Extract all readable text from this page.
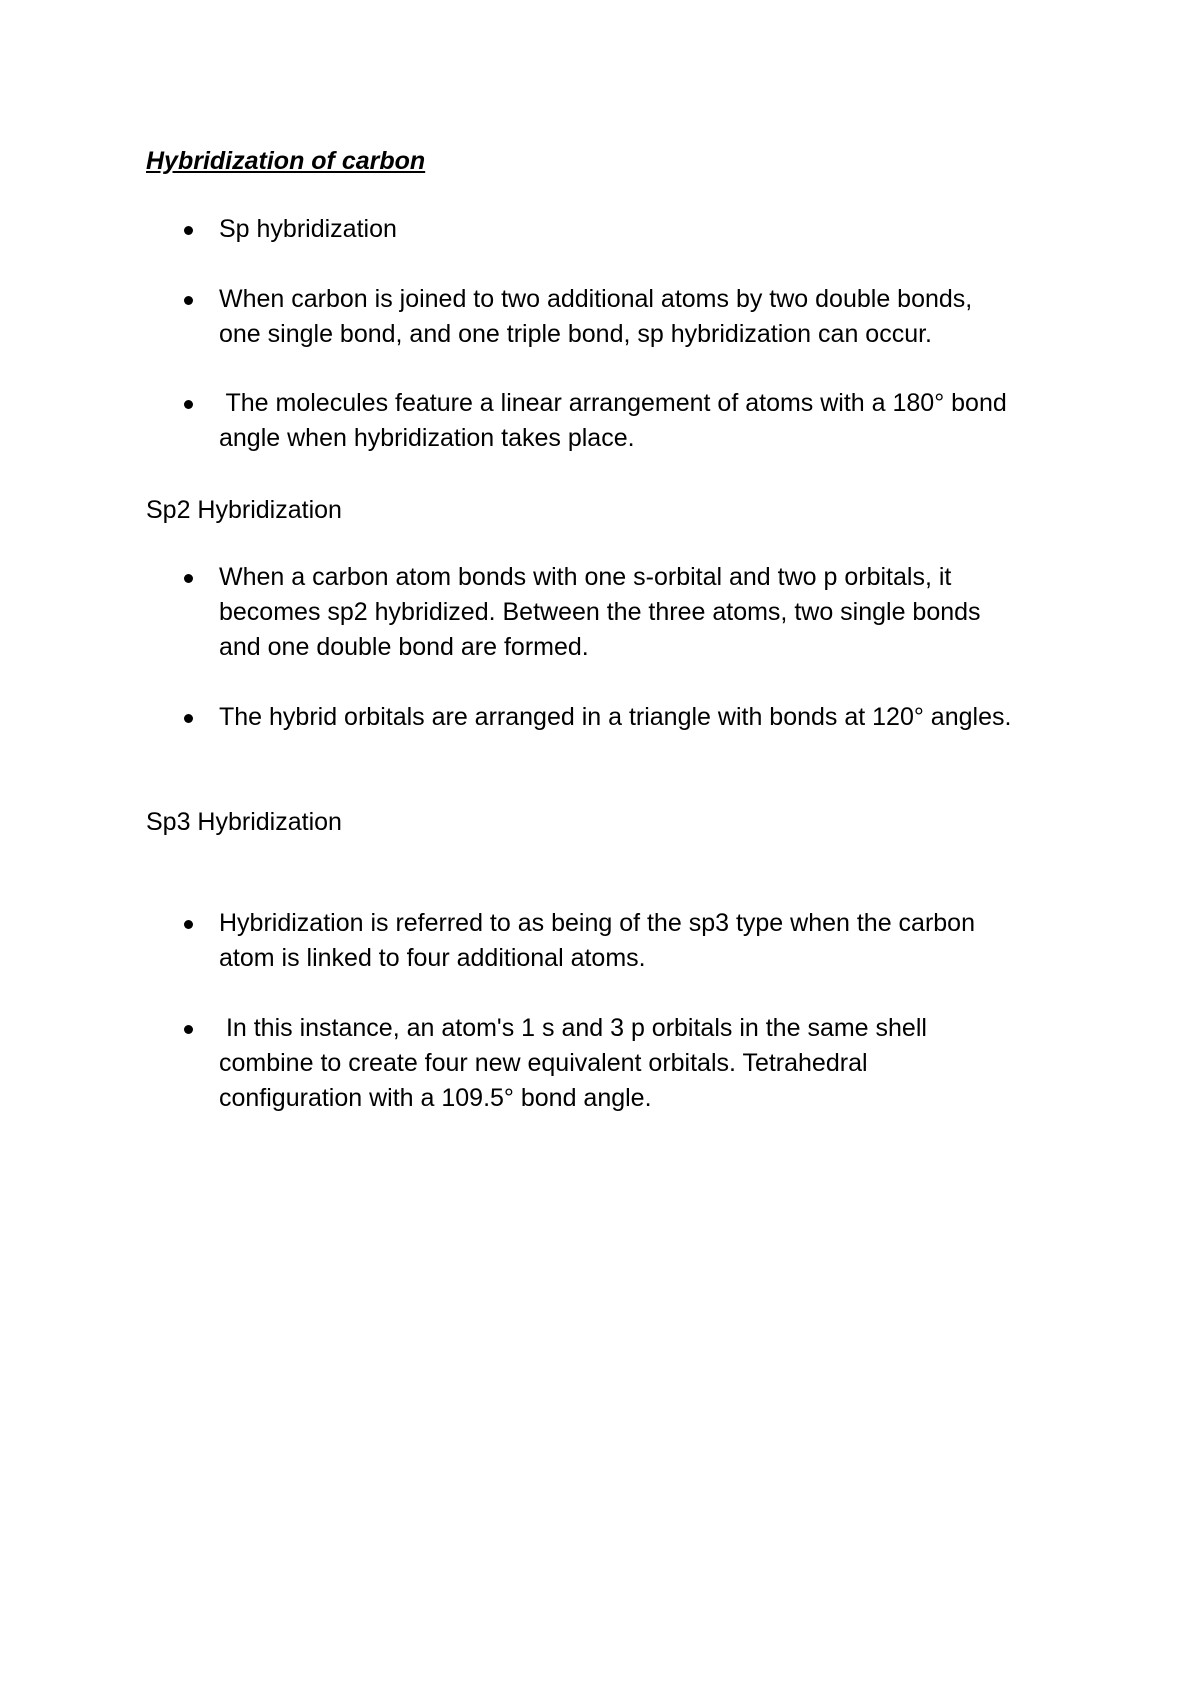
Hybridization of carbon
Sp hybridization
When carbon is joined to two additional atoms by two double bonds,
one single bond, and one triple bond, sp hybridization can occur.
The molecules feature a linear arrangement of atoms with a 180° bond
angle when hybridization takes place.
Sp2 Hybridization
When a carbon atom bonds with one s-orbital and two p orbitals, it
becomes sp2 hybridized. Between the three atoms, two single bonds
and one double bond are formed.
The hybrid orbitals are arranged in a triangle with bonds at 120° angles.
Sp3 Hybridization
Hybridization is referred to as being of the sp3 type when the carbon
atom is linked to four additional atoms.
In this instance, an atom's 1 s and 3 p orbitals in the same shell
combine to create four new equivalent orbitals. Tetrahedral
configuration with a 109.5° bond angle.
